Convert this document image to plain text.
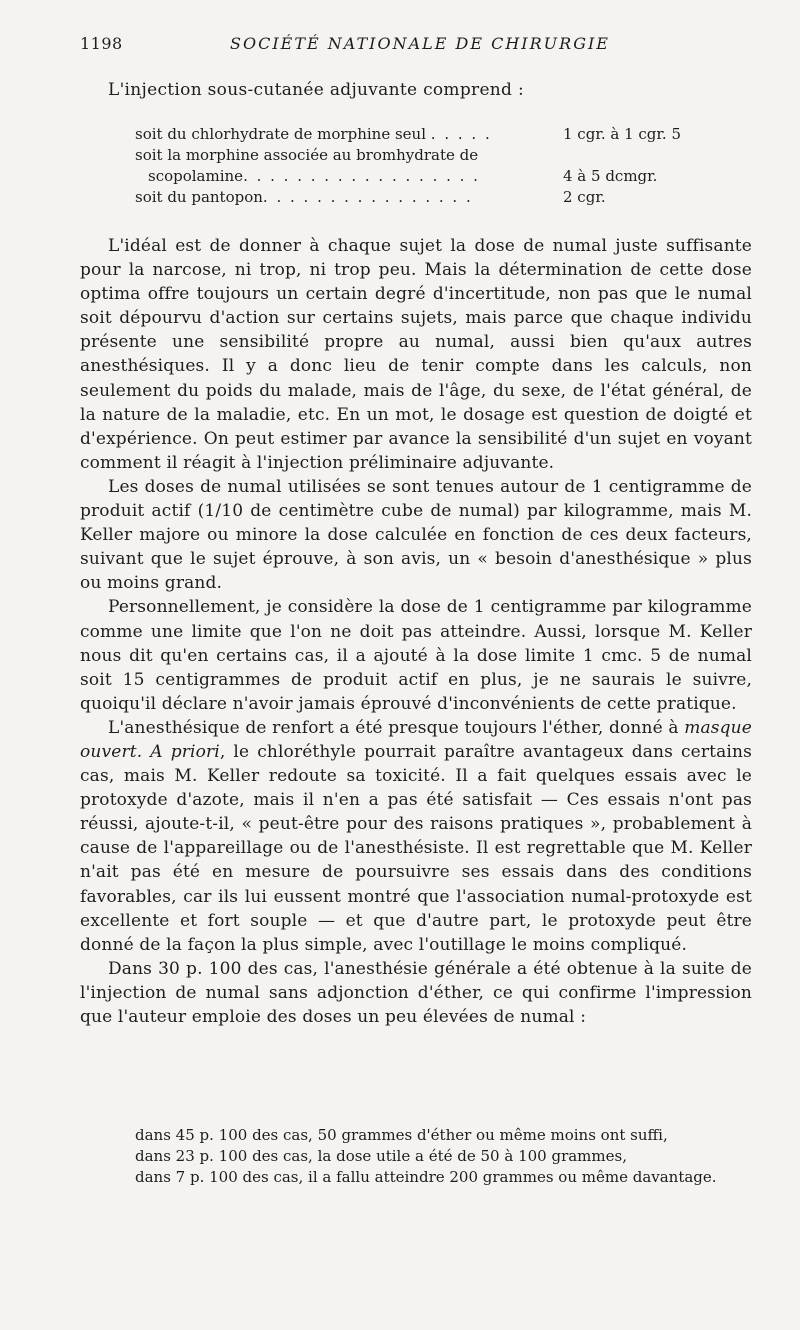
1198	SOCIÉTÉ NATIONALE DE CHIRURGIE
L'injection sous-cutanée adjuvante comprend :
soit du chlorhydrate de morphine seul . . . . .	1 cgr. à 1 cgr. 5
soit la morphine associée au bromhydrate de
scopolamine. . . . . . . . . . . . . . . . . .	4 à 5 dcmgr.
soit du pantopon. . . . . . . . . . . . . . . .	2 cgr.

L'idéal est de donner à chaque sujet la dose de numal juste suffisante pour la narcose, ni trop, ni trop peu. Mais la détermination de cette dose optima offre toujours un certain degré d'incertitude, non pas que le numal soit dépourvu d'action sur certains sujets, mais parce que chaque individu présente une sensibilité propre au numal, aussi bien qu'aux autres anesthésiques. Il y a donc lieu de tenir compte dans les calculs, non seulement du poids du malade, mais de l'âge, du sexe, de l'état général, de la nature de la maladie, etc. En un mot, le dosage est question de doigté et d'expérience. On peut estimer par avance la sensibilité d'un sujet en voyant comment il réagit à l'injection préliminaire adjuvante.

Les doses de numal utilisées se sont tenues autour de 1 centigramme de produit actif (1/10 de centimètre cube de numal) par kilogramme, mais M. Keller majore ou minore la dose calculée en fonction de ces deux facteurs, suivant que le sujet éprouve, à son avis, un « besoin d'anesthésique » plus ou moins grand.

Personnellement, je considère la dose de 1 centigramme par kilogramme comme une limite que l'on ne doit pas atteindre. Aussi, lorsque M. Keller nous dit qu'en certains cas, il a ajouté à la dose limite 1 cmc. 5 de numal soit 15 centigrammes de produit actif en plus, je ne saurais le suivre, quoiqu'il déclare n'avoir jamais éprouvé d'inconvénients de cette pratique.

L'anesthésique de renfort a été presque toujours l'éther, donné à masque ouvert. A priori, le chloréthyle pourrait paraître avantageux dans certains cas, mais M. Keller redoute sa toxicité. Il a fait quelques essais avec le protoxyde d'azote, mais il n'en a pas été satisfait — Ces essais n'ont pas réussi, ajoute-t-il, « peut-être pour des raisons pratiques », probablement à cause de l'appareillage ou de l'anesthésiste. Il est regrettable que M. Keller n'ait pas été en mesure de poursuivre ses essais dans des conditions favorables, car ils lui eussent montré que l'association numal-protoxyde est excellente et fort souple — et que d'autre part, le protoxyde peut être donné de la façon la plus simple, avec l'outillage le moins compliqué.

Dans 30 p. 100 des cas, l'anesthésie générale a été obtenue à la suite de l'injection de numal sans adjonction d'éther, ce qui confirme l'impression que l'auteur emploie des doses un peu élevées de numal :

dans 45 p. 100 des cas, 50 grammes d'éther ou même moins ont suffi,
dans 23 p. 100 des cas, la dose utile a été de 50 à 100 grammes,
dans 7 p. 100 des cas, il a fallu atteindre 200 grammes ou même davantage.
